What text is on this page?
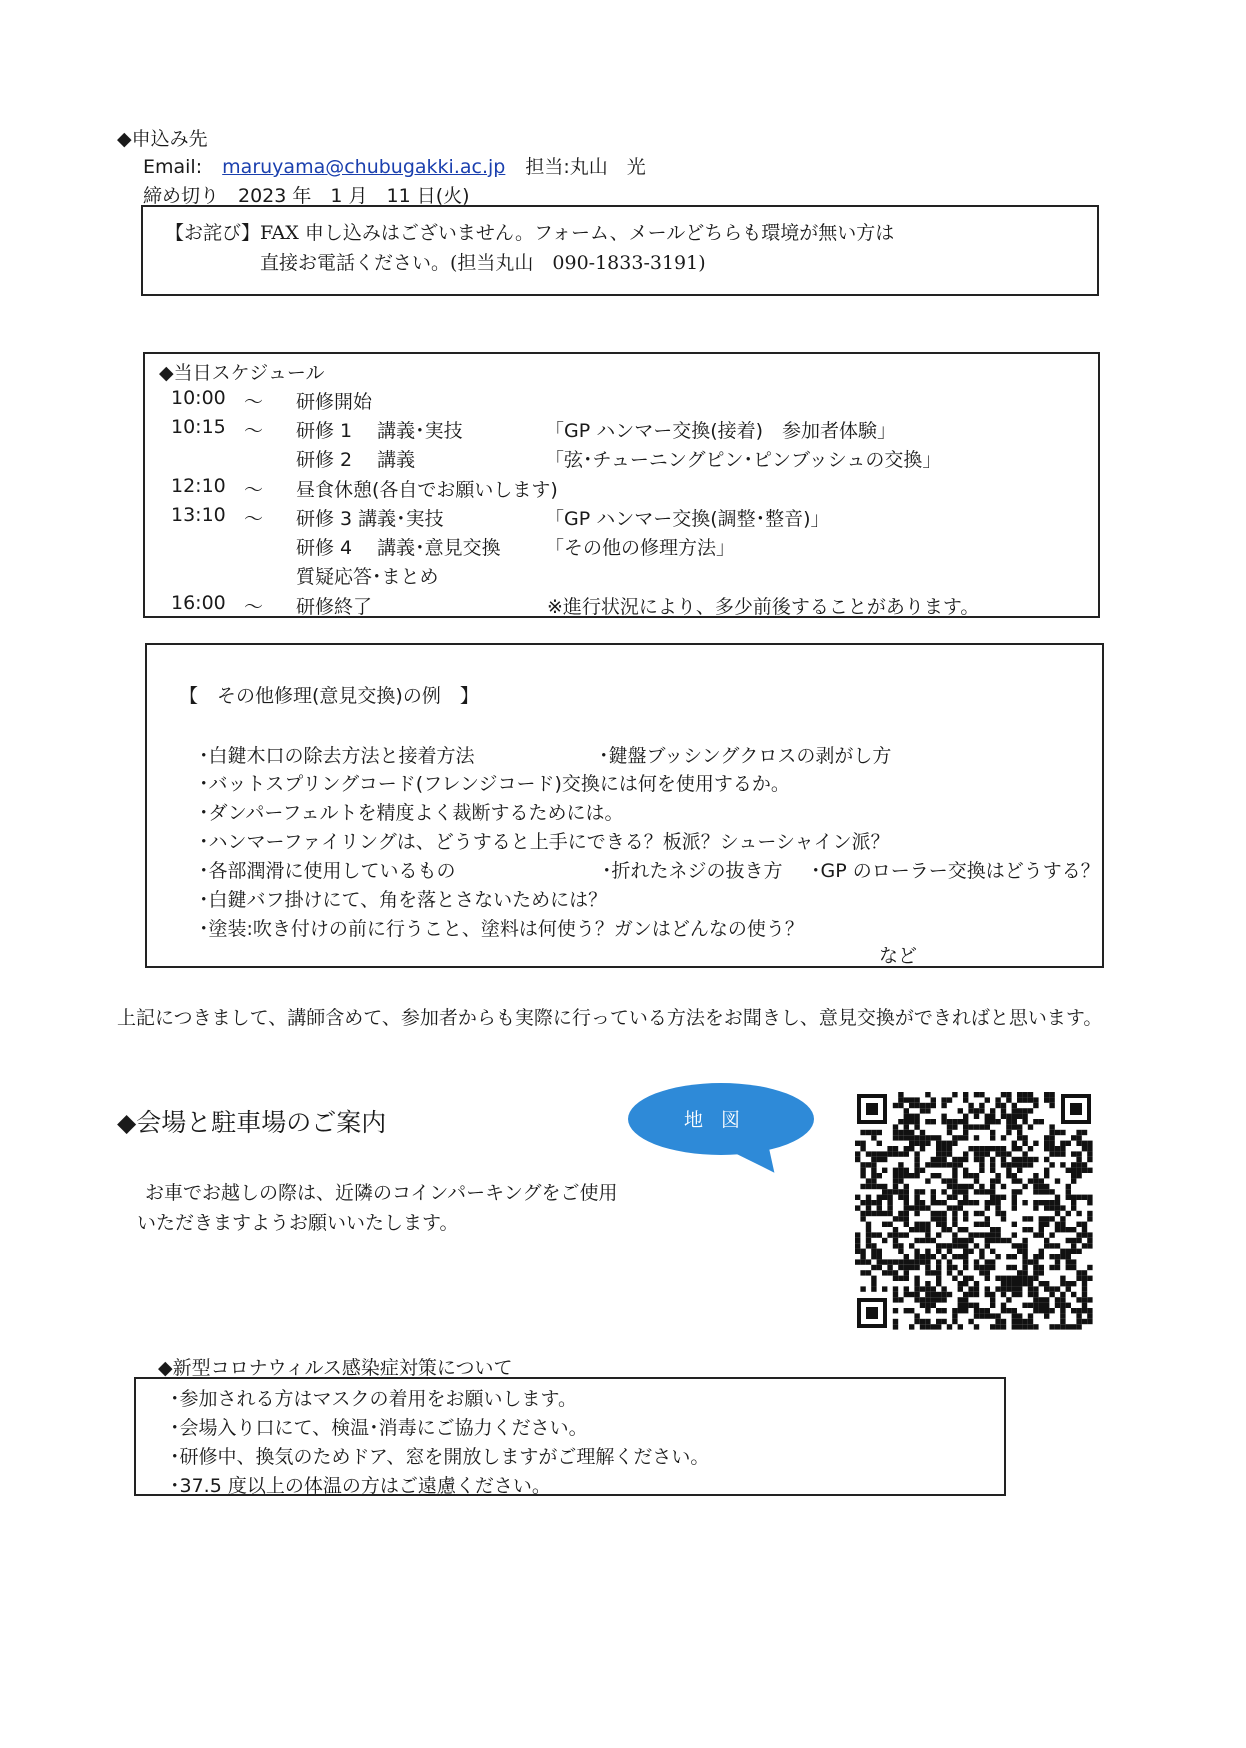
◆申込み先
Email: maruyama@chubugakki.ac.jp 担当:丸山　光
締め切り　2023 年　1 月　11 日(火)
【お詫び】FAX 申し込みはございません。フォーム、メールどちらも環境が無い方は
直接お電話ください。(担当丸山　090-1833-3191)
◆当日スケジュール
10:00 ～ 研修開始
10:15 ～ 研修 1　 講義･実技	「GP ハンマー交換(接着)　参加者体験」
研修 2　 講義	「弦･チューニングピン･ピンブッシュの交換」
12:10 ～ 昼食休憩(各自でお願いします)
13:10 ～ 研修 3 講義･実技	「GP ハンマー交換(調整･整音)」
研修 4　 講義･意見交換 「その他の修理方法」
質疑応答･まとめ
16:00 ～ 研修終了	※進行状況により、多少前後することがあります。
【　その他修理(意見交換)の例　】
･白鍵木口の除去方法と接着方法	･鍵盤ブッシングクロスの剥がし方
･バットスプリングコード(フレンジコード)交換には何を使用するか。
･ダンパーフェルトを精度よく裁断するためには。
･ハンマーファイリングは、どうすると上手にできる？板派？シューシャイン派？
･各部潤滑に使用しているもの	･折れたネジの抜き方 ･GP のローラー交換はどうする？
･白鍵バフ掛けにて、角を落とさないためには？
･塗装:吹き付けの前に行うこと、塗料は何使う？ガンはどんなの使う？
など
上記につきまして、講師含めて、参加者からも実際に行っている方法をお聞きし、意見交換ができればと思います。
◆会場と駐車場のご案内	地図
お車でお越しの際は、近隣のコインパーキングをご使用
いただきますようお願いいたします。
◆新型コロナウィルス感染症対策について
･参加される方はマスクの着用をお願いします。
･会場入り口にて、検温･消毒にご協力ください。
･研修中、換気のためドア、窓を開放しますがご理解ください。
･37.5 度以上の体温の方はご遠慮ください。
